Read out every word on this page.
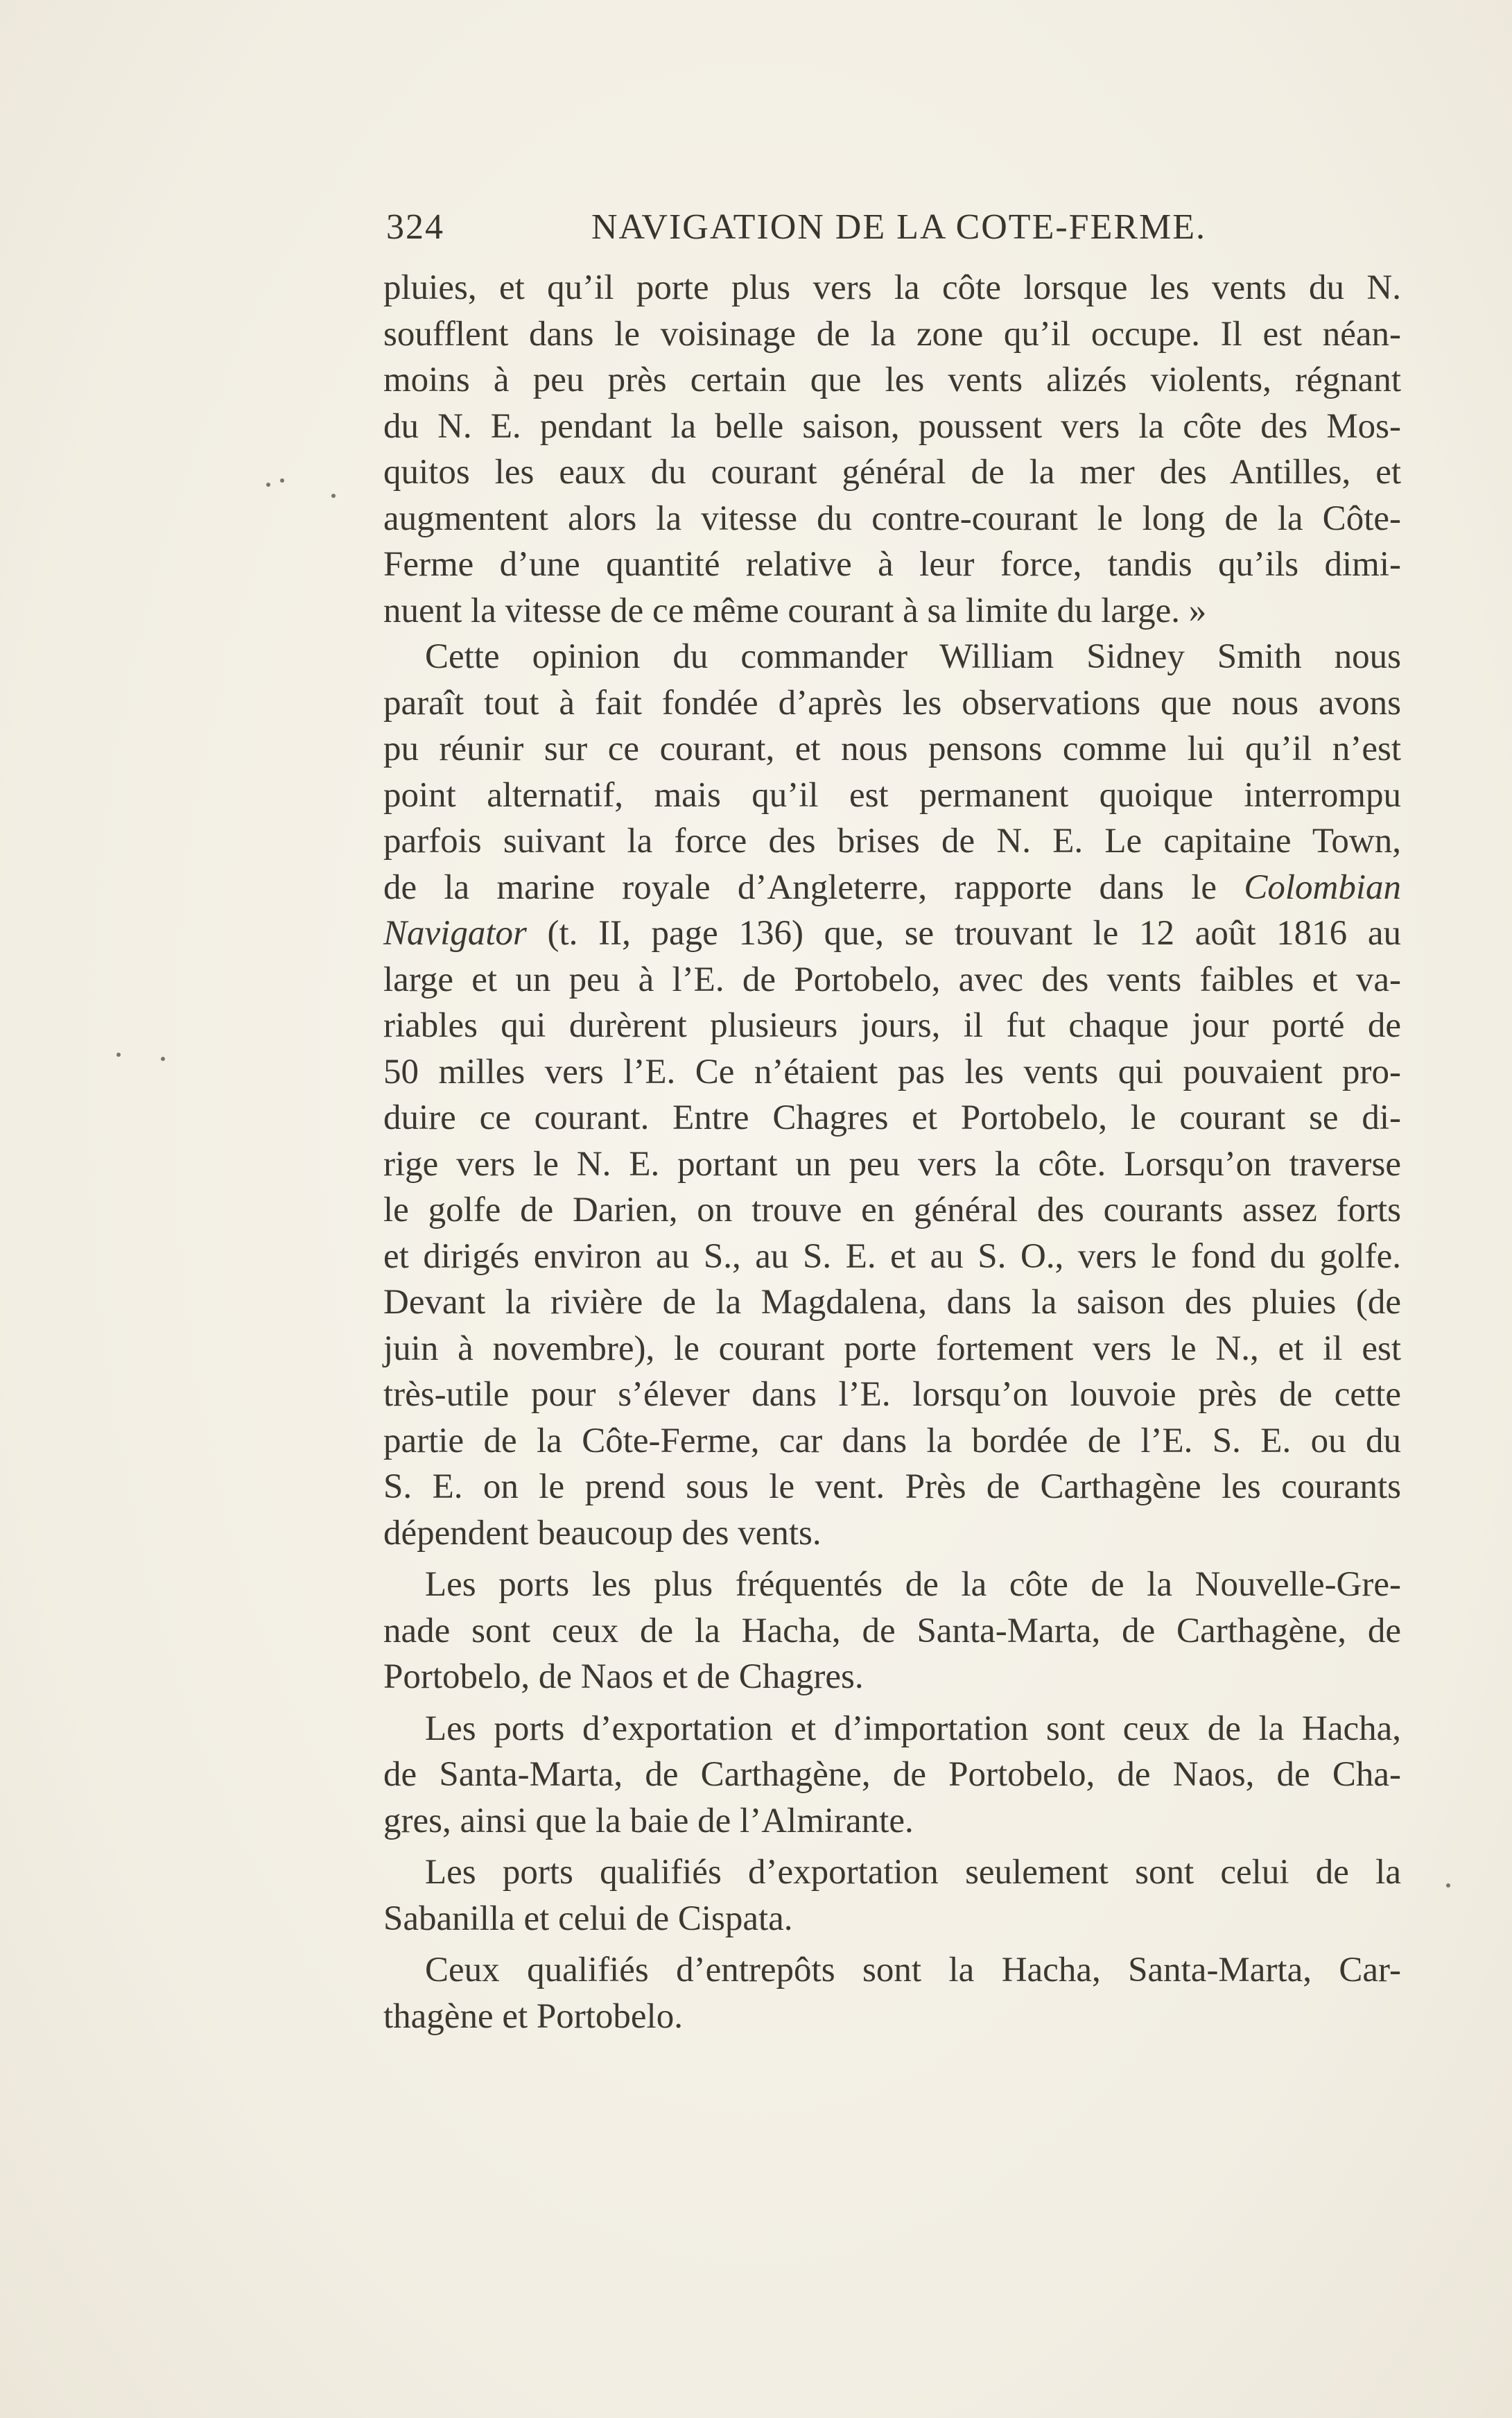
324	NAVIGATION DE LA COTE-FERME.
pluies, et qu’il porte plus vers la côte lorsque les vents du N.
soufflent dans le voisinage de la zone qu’il occupe. Il est néan-
moins à peu près certain que les vents alizés violents, régnant
du N. E. pendant la belle saison, poussent vers la côte des Mos-
quitos les eaux du courant général de la mer des Antilles, et
augmentent alors la vitesse du contre-courant le long de la Côte-
Ferme d’une quantité relative à leur force, tandis qu’ils dimi-
nuent la vitesse de ce même courant à sa limite du large. »
Cette opinion du commander William Sidney Smith nous
paraît tout à fait fondée d’après les observations que nous avons
pu réunir sur ce courant, et nous pensons comme lui qu’il n’est
point alternatif, mais qu’il est permanent quoique interrompu
parfois suivant la force des brises de N. E. Le capitaine Town,
de la marine royale d’Angleterre, rapporte dans le Colombian
Navigator (t. II, page 136) que, se trouvant le 12 août 1816 au
large et un peu à l’E. de Portobelo, avec des vents faibles et va-
riables qui durèrent plusieurs jours, il fut chaque jour porté de
50 milles vers l’E. Ce n’étaient pas les vents qui pouvaient pro-
duire ce courant. Entre Chagres et Portobelo, le courant se di-
rige vers le N. E. portant un peu vers la côte. Lorsqu’on traverse
le golfe de Darien, on trouve en général des courants assez forts
et dirigés environ au S., au S. E. et au S. O., vers le fond du golfe.
Devant la rivière de la Magdalena, dans la saison des pluies (de
juin à novembre), le courant porte fortement vers le N., et il est
très-utile pour s’élever dans l’E. lorsqu’on louvoie près de cette
partie de la Côte-Ferme, car dans la bordée de l’E. S. E. ou du
S. E. on le prend sous le vent. Près de Carthagène les courants
dépendent beaucoup des vents.
Les ports les plus fréquentés de la côte de la Nouvelle-Gre-
nade sont ceux de la Hacha, de Santa-Marta, de Carthagène, de
Portobelo, de Naos et de Chagres.
Les ports d’exportation et d’importation sont ceux de la Hacha,
de Santa-Marta, de Carthagène, de Portobelo, de Naos, de Cha-
gres, ainsi que la baie de l’Almirante.
Les ports qualifiés d’exportation seulement sont celui de la
Sabanilla et celui de Cispata.
Ceux qualifiés d’entrepôts sont la Hacha, Santa-Marta, Car-
thagène et Portobelo.
